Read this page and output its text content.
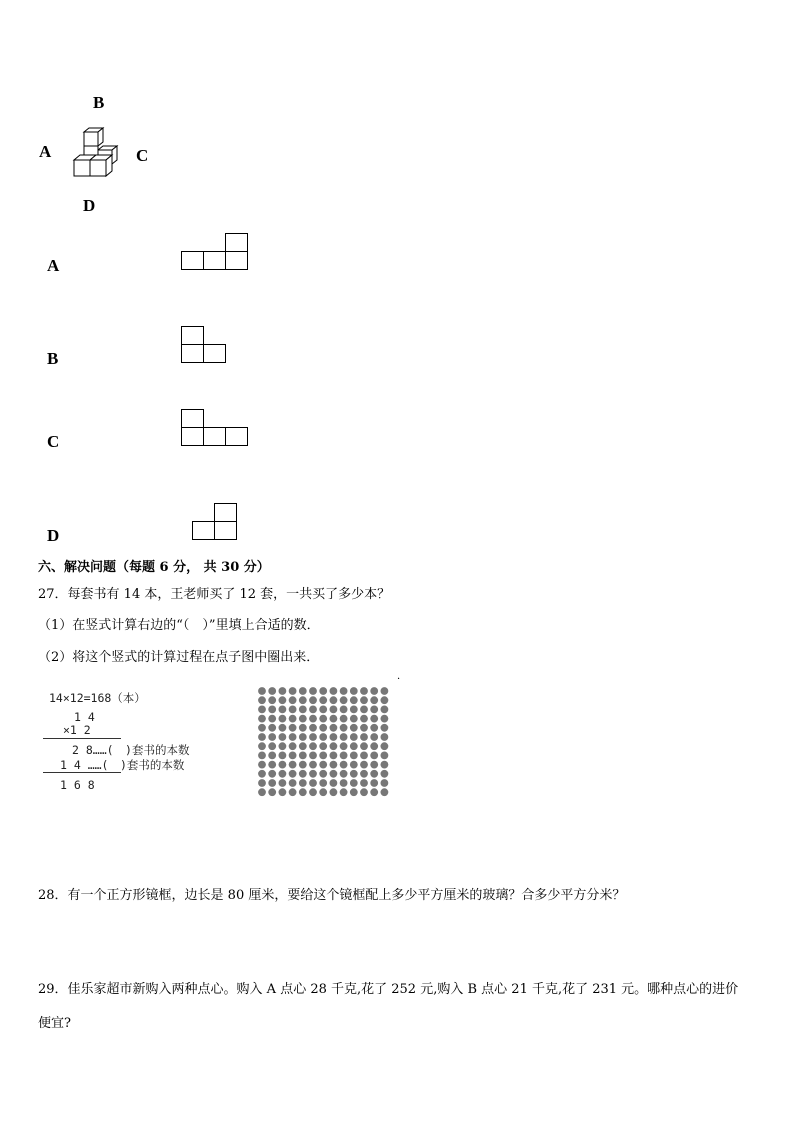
B
A	C
D
A
B
C
D
六、解决问题（每题 6 分， 共 30 分）
27．每套书有 14 本，王老师买了 12 套，一共买了多少本？
（1）在竖式计算右边的“（　）”里填上合适的数．
（2）将这个竖式的计算过程在点子图中圈出来．
14×12=168（本）
1 4
×1 2
2 8……(　)套书的本数
1 4 ……(　)套书的本数
1 6 8
·
28．有一个正方形镜框，边长是 80 厘米，要给这个镜框配上多少平方厘米的玻璃？合多少平方分米？
29．佳乐家超市新购入两种点心。购入 A 点心 28 千克,花了 252 元,购入 B 点心 21 千克,花了 231 元。哪种点心的进价
便宜?
